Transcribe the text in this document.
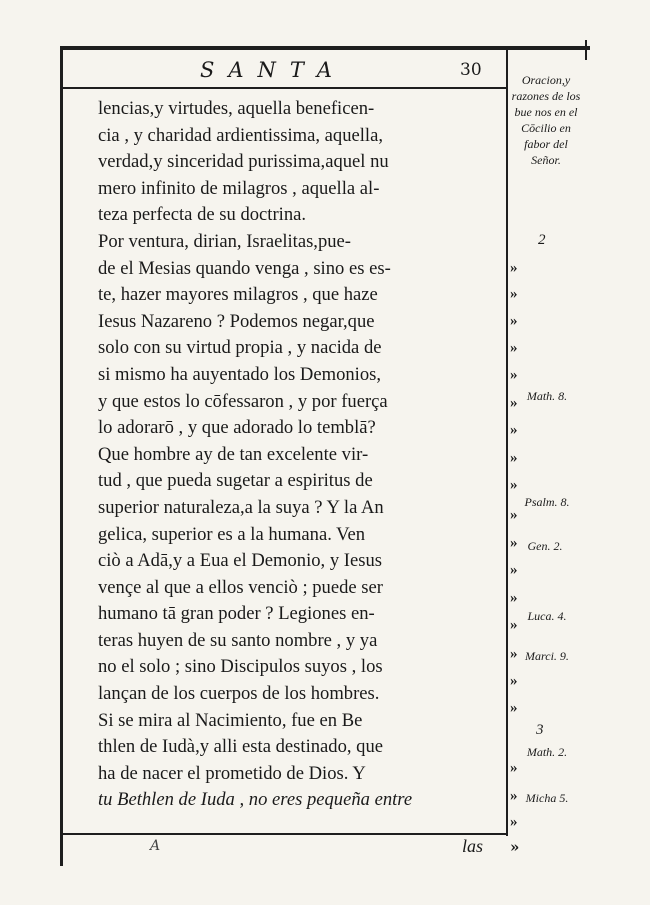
SANTA	30
lencias,y virtudes, aquella beneficen-
cia , y charidad ardientissima, aquella,
verdad,y sinceridad purissima,aquel nu
mero infinito de milagros , aquella al-
teza perfecta de su doctrina.
Por ventura, dirian, Israelitas,pue-
de el Mesias quando venga , sino es es-
te, hazer mayores milagros , que haze
Iesus Nazareno ? Podemos negar,que
solo con su virtud propia , y nacida de
si mismo ha auyentado los Demonios,
y que estos lo cōfessaron , y por fuerça
lo adorarō , y que adorado lo temblā?
Que hombre ay de tan excelente vir-
tud , que pueda sugetar a espiritus de
superior naturaleza,a la suya ? Y la An
gelica, superior es a la humana. Ven
ciò a Adā,y a Eua el Demonio, y Iesus
vençe al que a ellos venciò ; puede ser
humano tā gran poder ? Legiones en-
teras huyen de su santo nombre , y ya
no el solo ; sino Discipulos suyos , los
lançan de los cuerpos de los hombres.
Si se mira al Nacimiento, fue en Be
thlen de Iudà,y alli esta destinado, que
ha de nacer el prometido de Dios. Y
tu Bethlen de Iuda , no eres pequeña entre
Oracion,y razones de los bue nos en el Cōcilio en fabor del Señor.
2
»
»
»
»
»
» Math. 8.
»
»
»
Psalm. 8.
»
» Gen. 2.
»
»
»
Luca. 4.
» Marci. 9.
»
»
3
Math. 2.
»
» Micha 5.
»
A	las »
